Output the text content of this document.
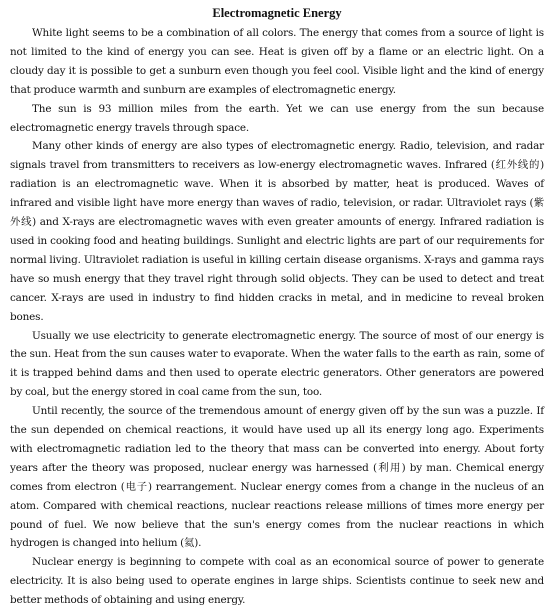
Electromagnetic Energy

White light seems to be a combination of all colors. The energy that comes from a source of light is not limited to the kind of energy you can see. Heat is given off by a flame or an electric light. On a cloudy day it is possible to get a sunburn even though you feel cool. Visible light and the kind of energy that produce warmth and sunburn are examples of electromagnetic energy.

The sun is 93 million miles from the earth. Yet we can use energy from the sun because electromagnetic energy travels through space.

Many other kinds of energy are also types of electromagnetic energy. Radio, television, and radar signals travel from transmitters to receivers as low-energy electromagnetic waves. Infrared (红外线的) radiation is an electromagnetic wave. When it is absorbed by matter, heat is produced. Waves of infrared and visible light have more energy than waves of radio, television, or radar. Ultraviolet rays (紫外线) and X-rays are electromagnetic waves with even greater amounts of energy. Infrared radiation is used in cooking food and heating buildings. Sunlight and electric lights are part of our requirements for normal living. Ultraviolet radiation is useful in killing certain disease organisms. X-rays and gamma rays have so mush energy that they travel right through solid objects. They can be used to detect and treat cancer. X-rays are used in industry to find hidden cracks in metal, and in medicine to reveal broken bones.

Usually we use electricity to generate electromagnetic energy. The source of most of our energy is the sun. Heat from the sun causes water to evaporate. When the water falls to the earth as rain, some of it is trapped behind dams and then used to operate electric generators. Other generators are powered by coal, but the energy stored in coal came from the sun, too.

Until recently, the source of the tremendous amount of energy given off by the sun was a puzzle. If the sun depended on chemical reactions, it would have used up all its energy long ago. Experiments with electromagnetic radiation led to the theory that mass can be converted into energy. About forty years after the theory was proposed, nuclear energy was harnessed (利用) by man. Chemical energy comes from electron (电子) rearrangement. Nuclear energy comes from a change in the nucleus of an atom. Compared with chemical reactions, nuclear reactions release millions of times more energy per pound of fuel. We now believe that the sun's energy comes from the nuclear reactions in which hydrogen is changed into helium (氦).

Nuclear energy is beginning to compete with coal as an economical source of power to generate electricity. It is also being used to operate engines in large ships. Scientists continue to seek new and better methods of obtaining and using energy.
